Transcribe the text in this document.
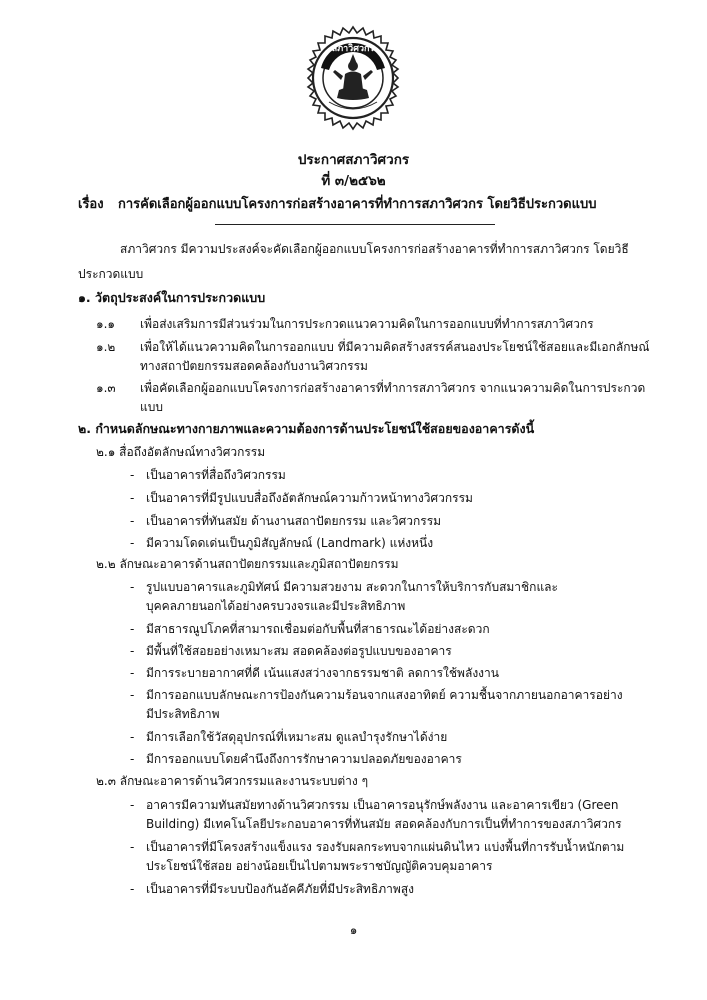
สภาวิศวกร
ประกาศสภาวิศวกร
ที่ ๓/๒๕๖๒
เรื่อง การคัดเลือกผู้ออกแบบโครงการก่อสร้างอาคารที่ทำการสภาวิศวกร โดยวิธีประกวดแบบ
สภาวิศวกร มีความประสงค์จะคัดเลือกผู้ออกแบบโครงการก่อสร้างอาคารที่ทำการสภาวิศวกร โดยวิธี
ประกวดแบบ
๑. วัตถุประสงค์ในการประกวดแบบ
๑.๑ เพื่อส่งเสริมการมีส่วนร่วมในการประกวดแนวความคิดในการออกแบบที่ทำการสภาวิศวกร
๑.๒ เพื่อให้ได้แนวความคิดในการออกแบบ ที่มีความคิดสร้างสรรค์สนองประโยชน์ใช้สอยและมีเอกลักษณ์
ทางสถาปัตยกรรมสอดคล้องกับงานวิศวกรรม
๑.๓ เพื่อคัดเลือกผู้ออกแบบโครงการก่อสร้างอาคารที่ทำการสภาวิศวกร จากแนวความคิดในการประกวด
แบบ
๒. กำหนดลักษณะทางกายภาพและความต้องการด้านประโยชน์ใช้สอยของอาคารดังนี้
๒.๑ สื่อถึงอัตลักษณ์ทางวิศวกรรม
- เป็นอาคารที่สื่อถึงวิศวกรรม
- เป็นอาคารที่มีรูปแบบสื่อถึงอัตลักษณ์ความก้าวหน้าทางวิศวกรรม
- เป็นอาคารที่ทันสมัย ด้านงานสถาปัตยกรรม และวิศวกรรม
- มีความโดดเด่นเป็นภูมิสัญลักษณ์ (Landmark) แห่งหนึ่ง
๒.๒ ลักษณะอาคารด้านสถาปัตยกรรมและภูมิสถาปัตยกรรม
- รูปแบบอาคารและภูมิทัศน์ มีความสวยงาม สะดวกในการให้บริการกับสมาชิกและ
บุคคลภายนอกได้อย่างครบวงจรและมีประสิทธิภาพ
- มีสาธารณูปโภคที่สามารถเชื่อมต่อกับพื้นที่สาธารณะได้อย่างสะดวก
- มีพื้นที่ใช้สอยอย่างเหมาะสม สอดคล้องต่อรูปแบบของอาคาร
- มีการระบายอากาศที่ดี เน้นแสงสว่างจากธรรมชาติ ลดการใช้พลังงาน
- มีการออกแบบลักษณะการป้องกันความร้อนจากแสงอาทิตย์ ความชื้นจากภายนอกอาคารอย่าง
มีประสิทธิภาพ
- มีการเลือกใช้วัสดุอุปกรณ์ที่เหมาะสม ดูแลบำรุงรักษาได้ง่าย
- มีการออกแบบโดยคำนึงถึงการรักษาความปลอดภัยของอาคาร
๒.๓ ลักษณะอาคารด้านวิศวกรรมและงานระบบต่าง ๆ
- อาคารมีความทันสมัยทางด้านวิศวกรรม เป็นอาคารอนุรักษ์พลังงาน และอาคารเขียว (Green
Building) มีเทคโนโลยีประกอบอาคารที่ทันสมัย สอดคล้องกับการเป็นที่ทำการของสภาวิศวกร
- เป็นอาคารที่มีโครงสร้างแข็งแรง รองรับผลกระทบจากแผ่นดินไหว แบ่งพื้นที่การรับน้ำหนักตาม
ประโยชน์ใช้สอย อย่างน้อยเป็นไปตามพระราชบัญญัติควบคุมอาคาร
- เป็นอาคารที่มีระบบป้องกันอัคคีภัยที่มีประสิทธิภาพสูง
๑
